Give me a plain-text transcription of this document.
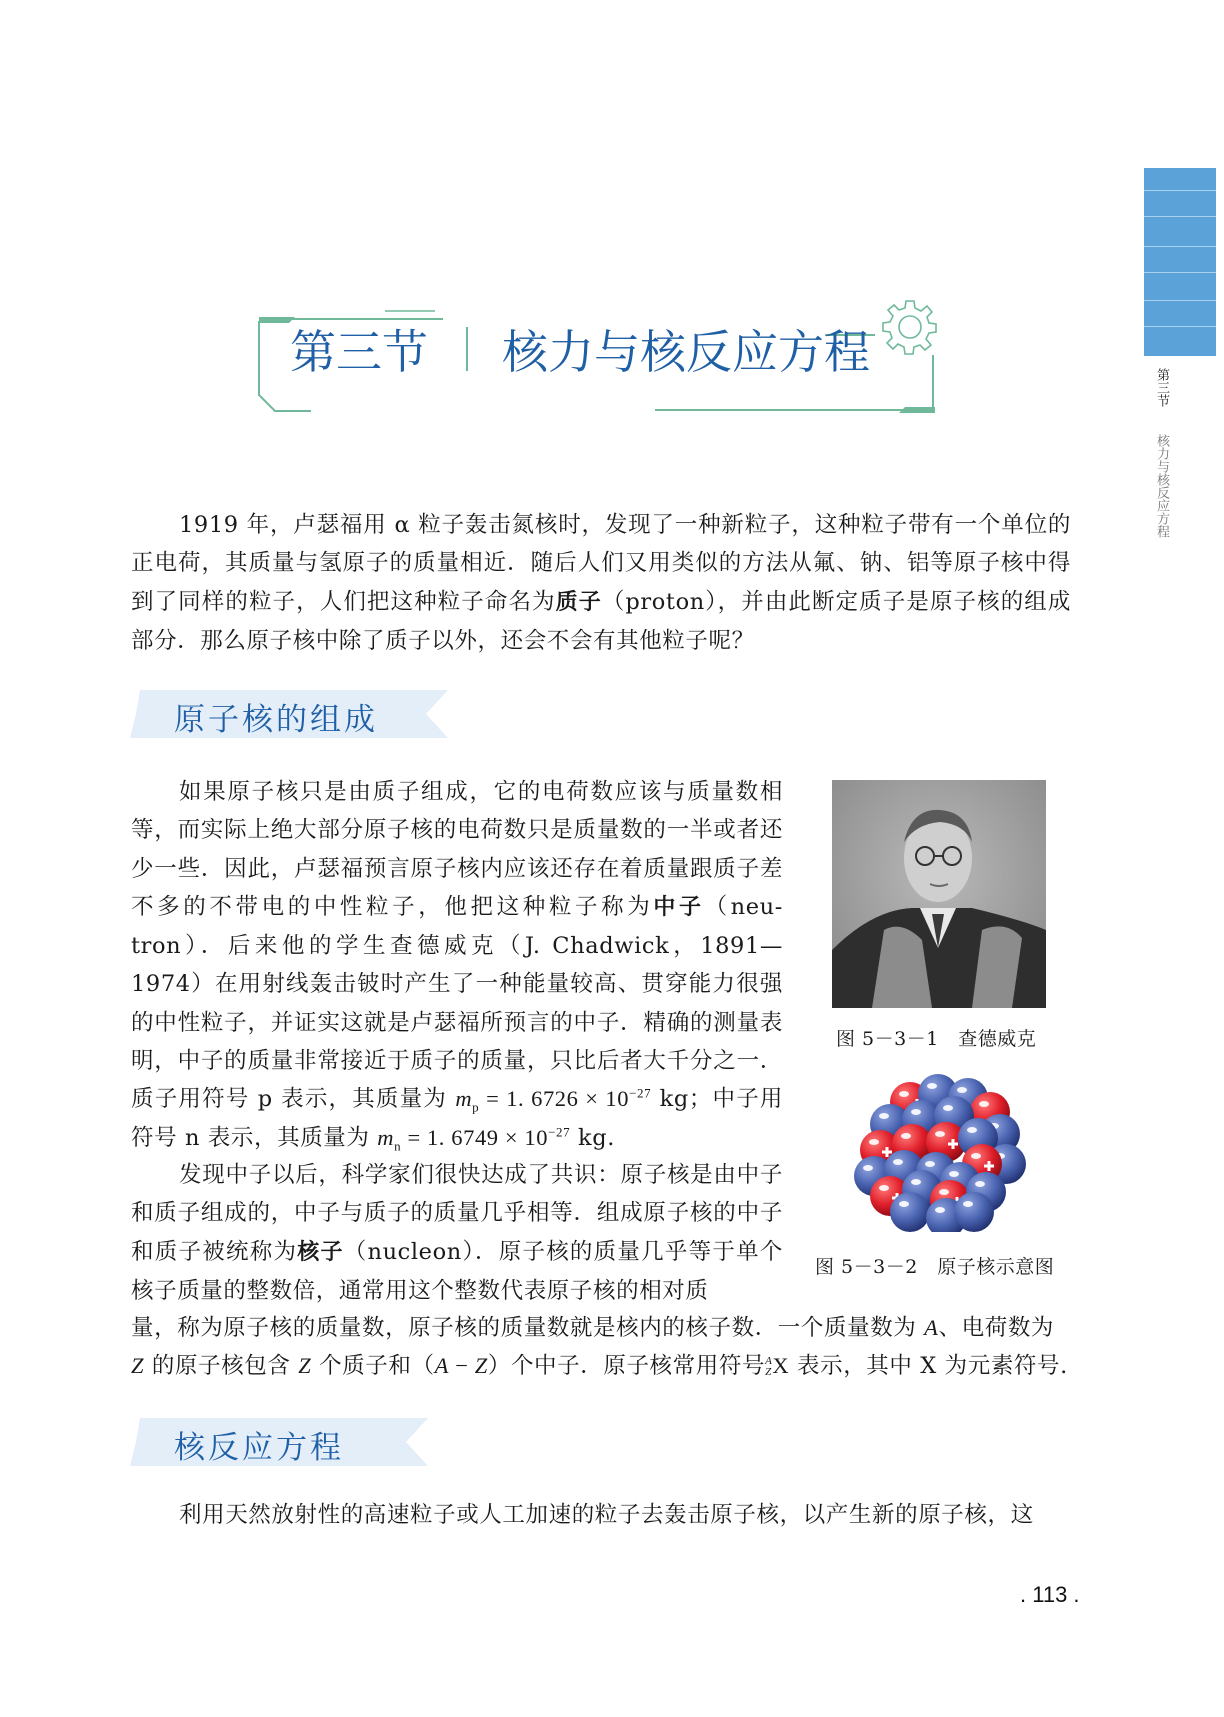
第三节 核力与核反应方程
第三节 核力与核反应方程
1919 年，卢瑟福用 α 粒子轰击氮核时，发现了一种新粒子，这种粒子带有一个单位的正电荷，其质量与氢原子的质量相近．随后人们又用类似的方法从氟、钠、铝等原子核中得到了同样的粒子，人们把这种粒子命名为质子（proton），并由此断定质子是原子核的组成部分．那么原子核中除了质子以外，还会不会有其他粒子呢？
原子核的组成
如果原子核只是由质子组成，它的电荷数应该与质量数相等，而实际上绝大部分原子核的电荷数只是质量数的一半或者还少一些．因此，卢瑟福预言原子核内应该还存在着质量跟质子差不多的不带电的中性粒子，他把这种粒子称为中子（neu-tron）．后来他的学生查德威克（J. Chadwick，1891—1974）在用射线轰击铍时产生了一种能量较高、贯穿能力很强的中性粒子，并证实这就是卢瑟福所预言的中子．精确的测量表明，中子的质量非常接近于质子的质量，只比后者大千分之一．质子用符号 p 表示，其质量为 $m_p = 1$. $6726 \times 10^{-27}$ kg；中子用符号 n 表示，其质量为 $m_n = 1$. $6749 \times 10^{-27}$ kg.
发现中子以后，科学家们很快达成了共识：原子核是由中子和质子组成的，中子与质子的质量几乎相等．组成原子核的中子和质子被统称为核子（nucleon）．原子核的质量几乎等于单个核子质量的整数倍，通常用这个整数代表原子核的相对质
量，称为原子核的质量数，原子核的质量数就是核内的核子数．一个质量数为 A、电荷数为
Z 的原子核包含 Z 个质子和（A − Z）个中子．原子核常用符号 A
Z X 表示，其中 X 为元素符号.
图 5－3－1　查德威克
图 5－3－2　原子核示意图
核反应方程
利用天然放射性的高速粒子或人工加速的粒子去轰击原子核，以产生新的原子核，这
. 113 .
